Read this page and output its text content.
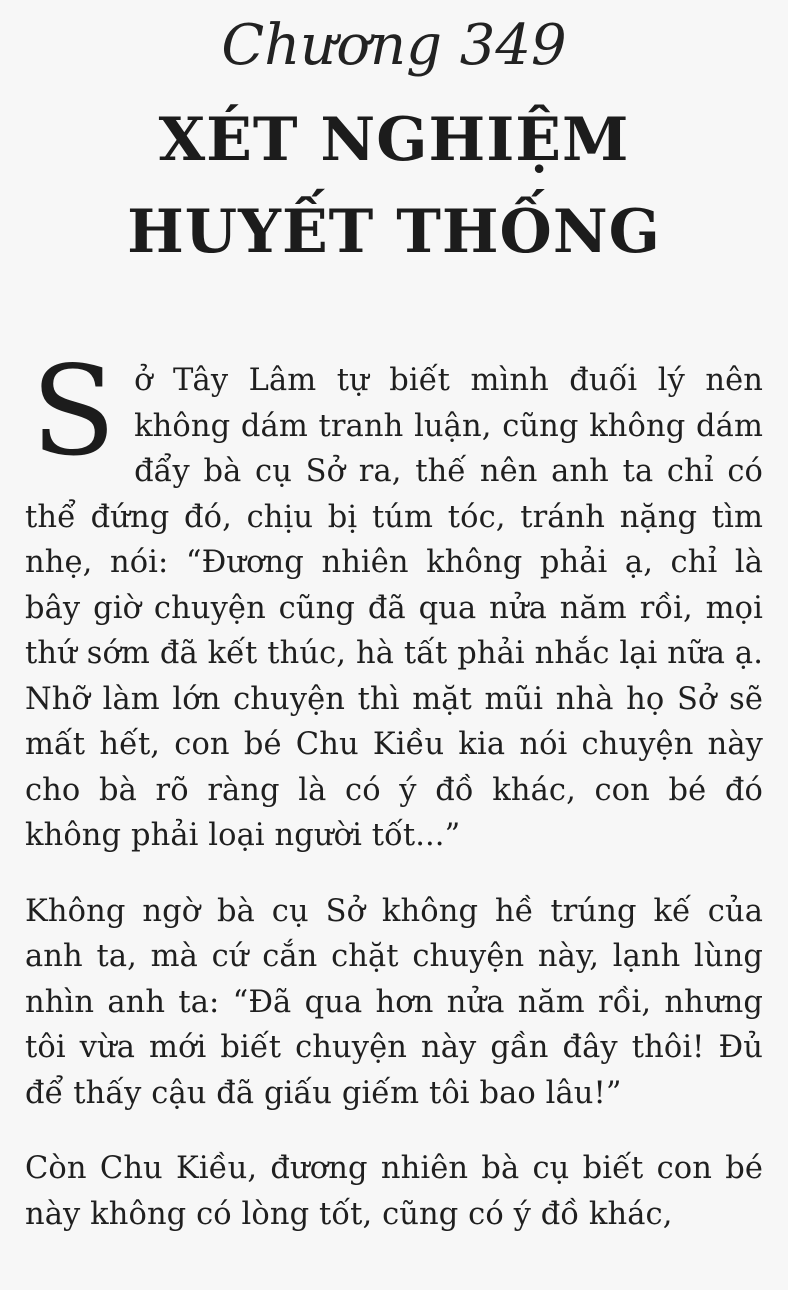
Chương 349
XÉT NGHIỆM
HUYẾT THỐNG

S ở Tây Lâm tự biết mình đuối lý nên không dám tranh luận, cũng không dám đẩy bà cụ Sở ra, thế nên anh ta chỉ có thể đứng đó, chịu bị túm tóc, tránh nặng tìm nhẹ, nói: “Đương nhiên không phải ạ, chỉ là bây giờ chuyện cũng đã qua nửa năm rồi, mọi thứ sớm đã kết thúc, hà tất phải nhắc lại nữa ạ. Nhỡ làm lớn chuyện thì mặt mũi nhà họ Sở sẽ mất hết, con bé Chu Kiều kia nói chuyện này cho bà rõ ràng là có ý đồ khác, con bé đó không phải loại người tốt...”

Không ngờ bà cụ Sở không hề trúng kế của anh ta, mà cứ cắn chặt chuyện này, lạnh lùng nhìn anh ta: “Đã qua hơn nửa năm rồi, nhưng tôi vừa mới biết chuyện này gần đây thôi! Đủ để thấy cậu đã giấu giếm tôi bao lâu!”

Còn Chu Kiều, đương nhiên bà cụ biết con bé này không có lòng tốt, cũng có ý đồ khác,
